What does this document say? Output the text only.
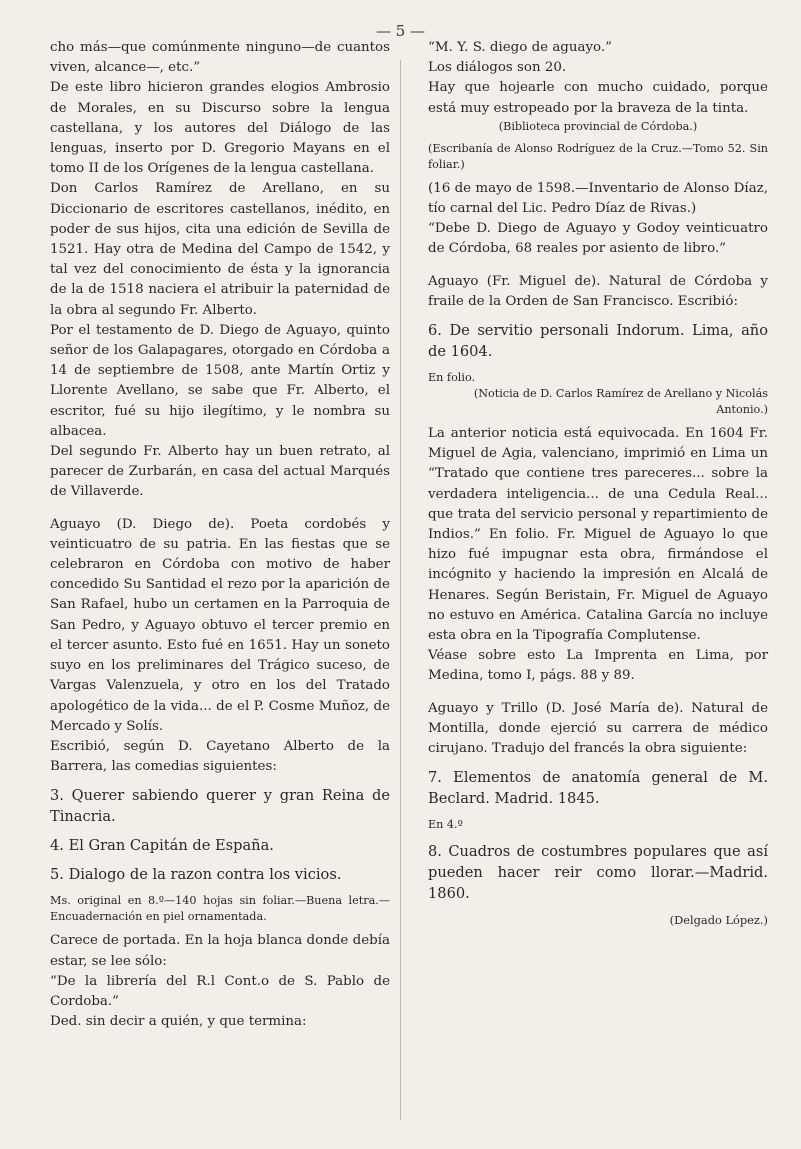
— 5 —

cho más—que comúnmente ninguno—de cuantos viven, alcance—, etc.”

De este libro hicieron grandes elogios Ambrosio de Morales, en su Discurso sobre la lengua castellana, y los autores del Diálogo de las lenguas, inserto por D. Gregorio Mayans en el tomo II de los Orígenes de la lengua castellana.

Don Carlos Ramírez de Arellano, en su Diccionario de escritores castellanos, inédito, en poder de sus hijos, cita una edición de Sevilla de 1521. Hay otra de Medina del Campo de 1542, y tal vez del conocimiento de ésta y la ignorancia de la de 1518 naciera el atribuir la paternidad de la obra al segundo Fr. Alberto.

Por el testamento de D. Diego de Aguayo, quinto señor de los Galapagares, otorgado en Córdoba a 14 de septiembre de 1508, ante Martín Ortiz y Llorente Avellano, se sabe que Fr. Alberto, el escritor, fué su hijo ilegítimo, y le nombra su albacea.

Del segundo Fr. Alberto hay un buen retrato, al parecer de Zurbarán, en casa del actual Marqués de Villaverde.

Aguayo (D. Diego de). Poeta cordobés y veinticuatro de su patria. En las fiestas que se celebraron en Córdoba con motivo de haber concedido Su Santidad el rezo por la aparición de San Rafael, hubo un certamen en la Parroquia de San Pedro, y Aguayo obtuvo el tercer premio en el tercer asunto. Esto fué en 1651. Hay un soneto suyo en los preliminares del Trágico suceso, de Vargas Valenzuela, y otro en los del Tratado apologético de la vida... de el P. Cosme Muñoz, de Mercado y Solís.

Escribió, según D. Cayetano Alberto de la Barrera, las comedias siguientes:

3. Querer sabiendo querer y gran Reina de Tinacria.

4. El Gran Capitán de España.

5. Dialogo de la razon contra los vicios.

Ms. original en 8.º—140 hojas sin foliar.—Buena letra.—Encuadernación en piel ornamentada.

Carece de portada. En la hoja blanca donde debía estar, se lee sólo:

“De la librería del R.l Cont.o de S. Pablo de Cordoba.”

Ded. sin decir a quién, y que termina:

“M. Y. S. diego de aguayo.”

Los diálogos son 20.

Hay que hojearle con mucho cuidado, porque está muy estropeado por la braveza de la tinta.

(Biblioteca provincial de Córdoba.)

(Escribanía de Alonso Rodríguez de la Cruz.—Tomo 52. Sin foliar.)

(16 de mayo de 1598.—Inventario de Alonso Díaz, tío carnal del Lic. Pedro Díaz de Rivas.)

“Debe D. Diego de Aguayo y Godoy veinticuatro de Córdoba, 68 reales por asiento de libro.”

Aguayo (Fr. Miguel de). Natural de Córdoba y fraile de la Orden de San Francisco. Escribió:

6. De servitio personali Indorum. Lima, año de 1604.

En folio.

(Noticia de D. Carlos Ramírez de Arellano y Nicolás Antonio.)

La anterior noticia está equivocada. En 1604 Fr. Miguel de Agia, valenciano, imprimió en Lima un “Tratado que contiene tres pareceres... sobre la verdadera inteligencia... de una Cedula Real... que trata del servicio personal y repartimiento de Indios.” En folio. Fr. Miguel de Aguayo lo que hizo fué impugnar esta obra, firmándose el incógnito y haciendo la impresión en Alcalá de Henares. Según Beristain, Fr. Miguel de Aguayo no estuvo en América. Catalina García no incluye esta obra en la Tipografía Complutense.

Véase sobre esto La Imprenta en Lima, por Medina, tomo I, págs. 88 y 89.

Aguayo y Trillo (D. José María de). Natural de Montilla, donde ejerció su carrera de médico cirujano. Tradujo del francés la obra siguiente:

7. Elementos de anatomía general de M. Beclard. Madrid. 1845.

En 4.º

8. Cuadros de costumbres populares que así pueden hacer reir como llorar.—Madrid. 1860.

(Delgado López.)
